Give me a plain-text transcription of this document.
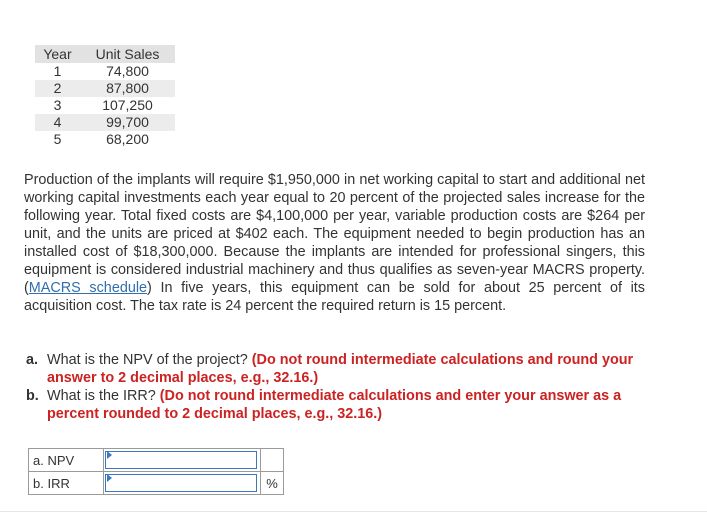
Year	Unit Sales
1	74,800
2	87,800
3	107,250
4	99,700
5	68,200

Production of the implants will require $1,950,000 in net working capital to start and additional net working capital investments each year equal to 20 percent of the projected sales increase for the following year. Total fixed costs are $4,100,000 per year, variable production costs are $264 per unit, and the units are priced at $402 each. The equipment needed to begin production has an installed cost of $18,300,000. Because the implants are intended for professional singers, this equipment is considered industrial machinery and thus qualifies as seven-year MACRS property. (MACRS schedule) In five years, this equipment can be sold for about 25 percent of its acquisition cost. The tax rate is 24 percent the required return is 15 percent.

a. What is the NPV of the project? (Do not round intermediate calculations and round your answer to 2 decimal places, e.g., 32.16.)
b. What is the IRR? (Do not round intermediate calculations and enter your answer as a percent rounded to 2 decimal places, e.g., 32.16.)
a. NPV	

b. IRR		%
